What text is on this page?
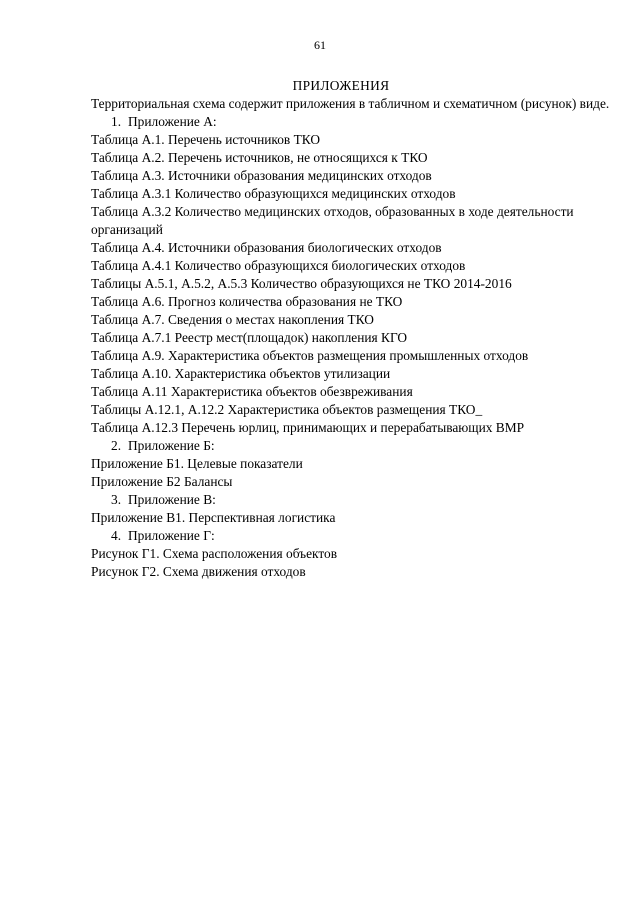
61

ПРИЛОЖЕНИЯ

Территориальная схема содержит приложения в табличном и схематичном (рисунок) виде.

1. Приложение А:

Таблица А.1. Перечень источников ТКО

Таблица А.2. Перечень источников, не относящихся к ТКО

Таблица А.3. Источники образования медицинских отходов

Таблица А.3.1 Количество образующихся медицинских отходов

Таблица А.3.2 Количество медицинских отходов, образованных в ходе деятельности организаций

Таблица А.4. Источники образования биологических отходов

Таблица А.4.1 Количество образующихся биологических отходов

Таблицы А.5.1, А.5.2, А.5.3 Количество образующихся не ТКО 2014-2016

Таблица А.6. Прогноз количества образования не ТКО

Таблица А.7. Сведения о местах накопления ТКО

Таблица А.7.1 Реестр мест(площадок) накопления КГО

Таблица А.9. Характеристика объектов размещения промышленных отходов

Таблица А.10. Характеристика объектов утилизации

Таблица А.11 Характеристика объектов обезвреживания

Таблицы А.12.1, А.12.2 Характеристика объектов размещения ТКО_

Таблица А.12.3 Перечень юрлиц, принимающих и перерабатывающих ВМР

2. Приложение Б:

Приложение Б1. Целевые показатели

Приложение Б2 Балансы

3. Приложение В:

Приложение В1. Перспективная логистика

4. Приложение Г:

Рисунок Г1. Схема расположения объектов

Рисунок Г2. Схема движения отходов
